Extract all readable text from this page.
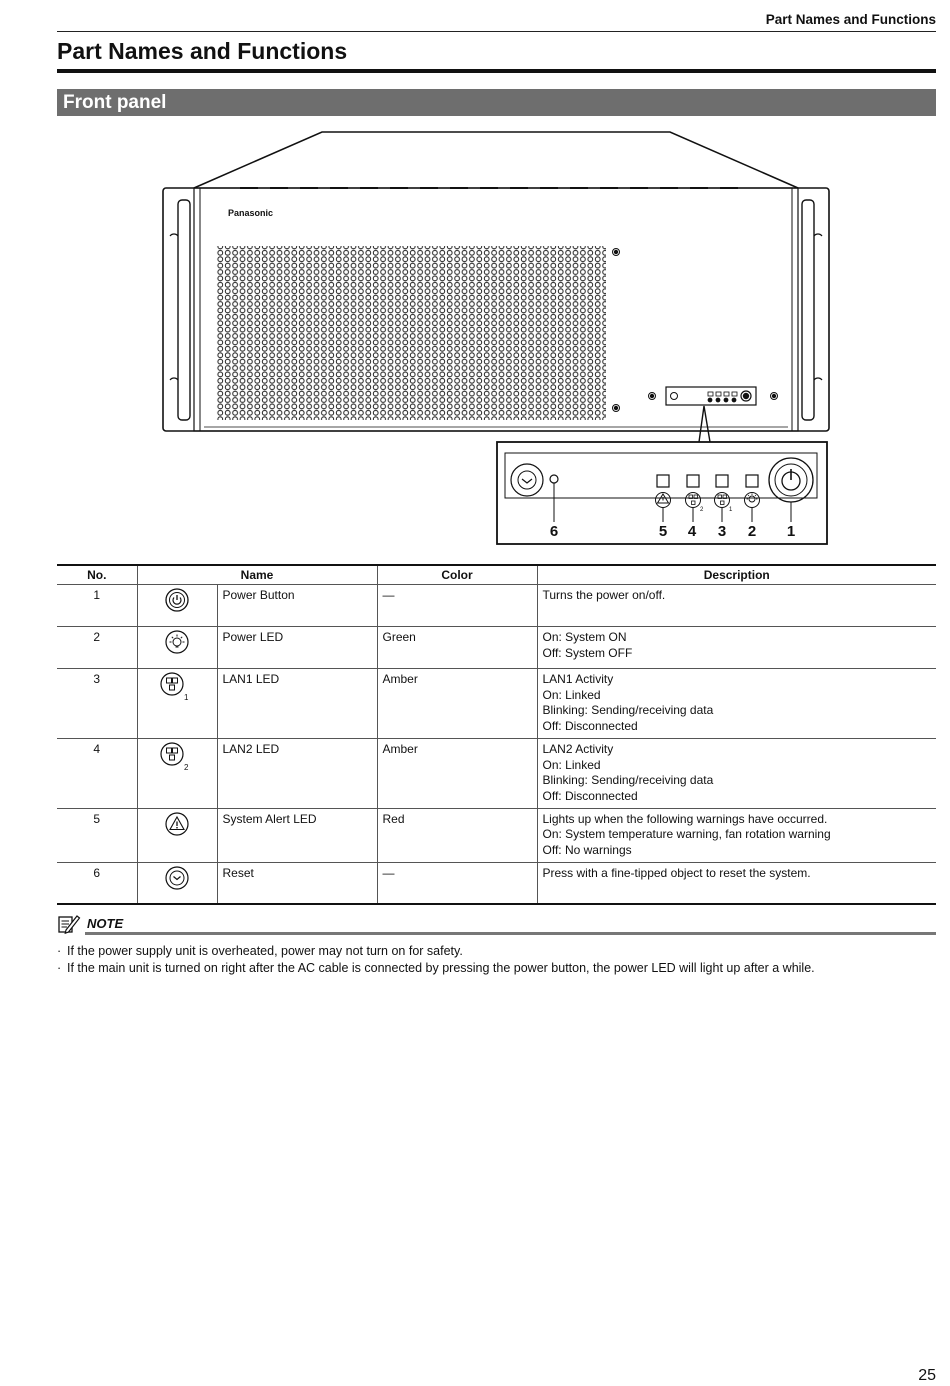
Part Names and Functions
Part Names and Functions
Front panel
Panasonic
2	1
6	5 4 3 2 1
No.	Name		Color	Description
1		Power Button	—	Turns the power on/off.

2		Power LED	Green	On: System ON
Off: System OFF

3	1	LAN1 LED	Amber	LAN1 Activity
On: Linked
Blinking: Sending/receiving data
Off: Disconnected

4	2	LAN2 LED	Amber	LAN2 Activity
On: Linked
Blinking: Sending/receiving data
Off: Disconnected

5		System Alert LED	Red	Lights up when the following warnings have occurred.
On: System temperature warning, fan rotation warning
Off: No warnings

6		Reset	—	Press with a fine-tipped object to reset the system.
NOTE
· If the power supply unit is overheated, power may not turn on for safety.
· If the main unit is turned on right after the AC cable is connected by pressing the power button, the power LED will light up after a while.
25
